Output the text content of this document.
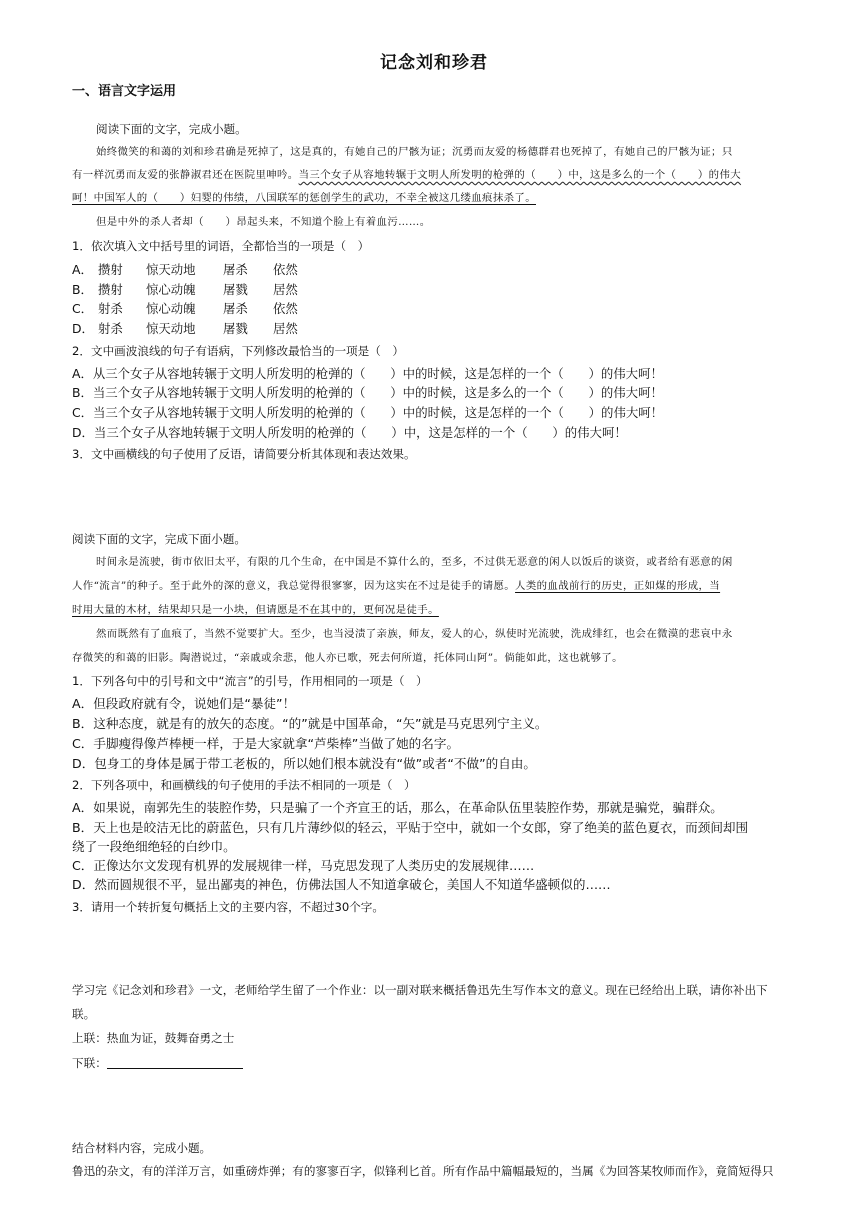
记念刘和珍君
一、语言文字运用
阅读下面的文字，完成小题。
始终微笑的和蔼的刘和珍君确是死掉了，这是真的，有她自己的尸骸为证；沉勇而友爱的杨德群君也死掉了，有她自己的尸骸为证；只
有一样沉勇而友爱的张静淑君还在医院里呻吟。当三个女子从容地转辗于文明人所发明的枪弹的（　　）中，这是多么的一个（　　）的伟大
呵！中国军人的（　　）妇婴的伟绩，八国联军的惩创学生的武功，不幸全被这几缕血痕抹杀了。
但是中外的杀人者却（　　）昂起头来，不知道个脸上有着血污……。
1．依次填入文中括号里的词语，全都恰当的一项是（　）
A． 攒射 惊天动地 屠杀 依然
B． 攒射 惊心动魄 屠戮 居然
C． 射杀 惊心动魄 屠杀 依然
D． 射杀 惊天动地 屠戮 居然
2．文中画波浪线的句子有语病，下列修改最恰当的一项是（　）
A．从三个女子从容地转辗于文明人所发明的枪弹的（　　）中的时候，这是怎样的一个（　　）的伟大呵！
B．当三个女子从容地转辗于文明人所发明的枪弹的（　　）中的时候，这是多么的一个（　　）的伟大呵！
C．当三个女子从容地转辗于文明人所发明的枪弹的（　　）中的时候，这是怎样的一个（　　）的伟大呵！
D．当三个女子从容地转辗于文明人所发明的枪弹的（　　）中，这是怎样的一个（　　）的伟大呵！
3．文中画横线的句子使用了反语，请简要分析其体现和表达效果。
阅读下面的文字，完成下面小题。
时间永是流驶，街市依旧太平，有限的几个生命，在中国是不算什么的，至多，不过供无恶意的闲人以饭后的谈资，或者给有恶意的闲
人作“流言”的种子。至于此外的深的意义，我总觉得很寥寥，因为这实在不过是徒手的请愿。人类的血战前行的历史，正如煤的形成，当
时用大量的木材，结果却只是一小块，但请愿是不在其中的，更何况是徒手。
然而既然有了血痕了，当然不觉要扩大。至少，也当浸渍了亲族，师友，爱人的心，纵使时光流驶，洗成绯红，也会在微漠的悲哀中永
存微笑的和蔼的旧影。陶潜说过，“亲戚或余悲，他人亦已歌，死去何所道，托体同山阿”。倘能如此，这也就够了。
1．下列各句中的引号和文中“流言”的引号，作用相同的一项是（　）
A．但段政府就有令，说她们是“暴徒”！
B．这种态度，就是有的放矢的态度。“的”就是中国革命，“矢”就是马克思列宁主义。
C．手脚瘦得像芦棒梗一样，于是大家就拿“芦柴棒”当做了她的名字。
D．包身工的身体是属于带工老板的，所以她们根本就没有“做”或者“不做”的自由。
2．下列各项中，和画横线的句子使用的手法不相同的一项是（　）
A．如果说，南郭先生的装腔作势，只是骗了一个齐宣王的话，那么，在革命队伍里装腔作势，那就是骗党，骗群众。
B．天上也是皎洁无比的蔚蓝色，只有几片薄纱似的轻云，平贴于空中，就如一个女郎，穿了绝美的蓝色夏衣，而颈间却围
绕了一段绝细绝轻的白纱巾。
C．正像达尔文发现有机界的发展规律一样，马克思发现了人类历史的发展规律……
D．然而圆规很不平，显出鄙夷的神色，仿佛法国人不知道拿破仑，美国人不知道华盛顿似的……
3．请用一个转折复句概括上文的主要内容，不超过30个字。
学习完《记念刘和珍君》一文，老师给学生留了一个作业：以一副对联来概括鲁迅先生写作本文的意义。现在已经给出上联，请你补出下
联。
上联：热血为证，鼓舞奋勇之士
下联：
结合材料内容，完成小题。
鲁迅的杂文，有的洋洋万言，如重磅炸弹；有的寥寥百字，似锋利匕首。所有作品中篇幅最短的，当属《为回答某牧师而作》，竟简短得只
